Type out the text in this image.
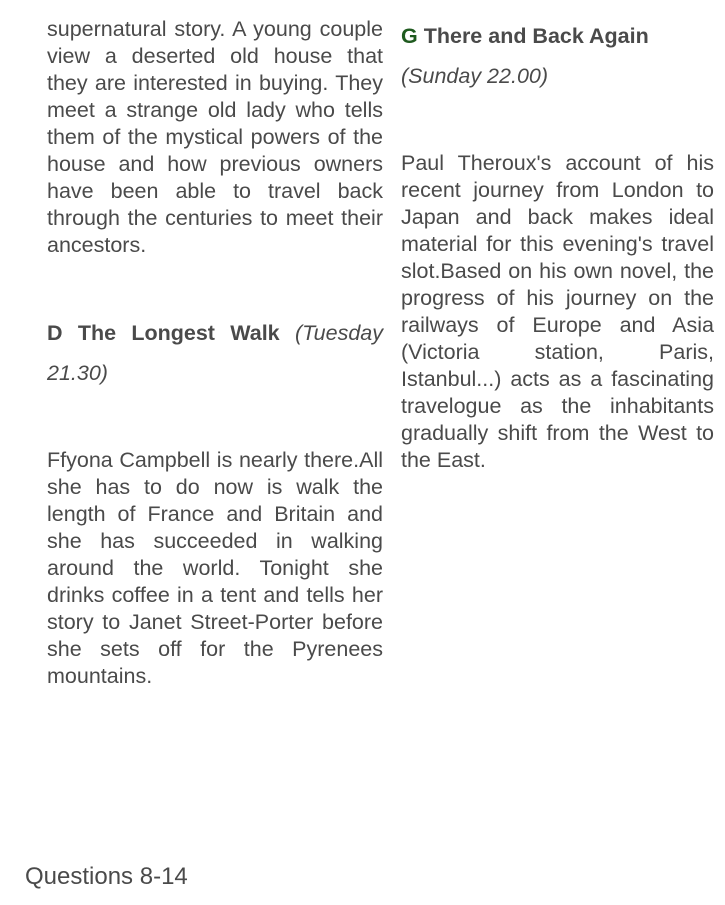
supernatural story. A young couple view a deserted old house that they are interested in buying. They meet a strange old lady who tells them of the mystical powers of the house and how previous owners have been able to travel back through the centuries to meet their ancestors.

D The Longest Walk (Tuesday 21.30)

Ffyona Campbell is nearly there.All she has to do now is walk the length of France and Britain and she has succeeded in walking around the world. Tonight she drinks coffee in a tent and tells her story to Janet Street-Porter before she sets off for the Pyrenees mountains.

G There and Back Again

(Sunday 22.00)

Paul Theroux's account of his recent journey from London to Japan and back makes ideal material for this evening's travel slot.Based on his own novel, the progress of his journey on the railways of Europe and Asia (Victoria station, Paris, Istanbul...) acts as a fascinating travelogue as the inhabitants gradually shift from the West to the East.

Questions 8-14
